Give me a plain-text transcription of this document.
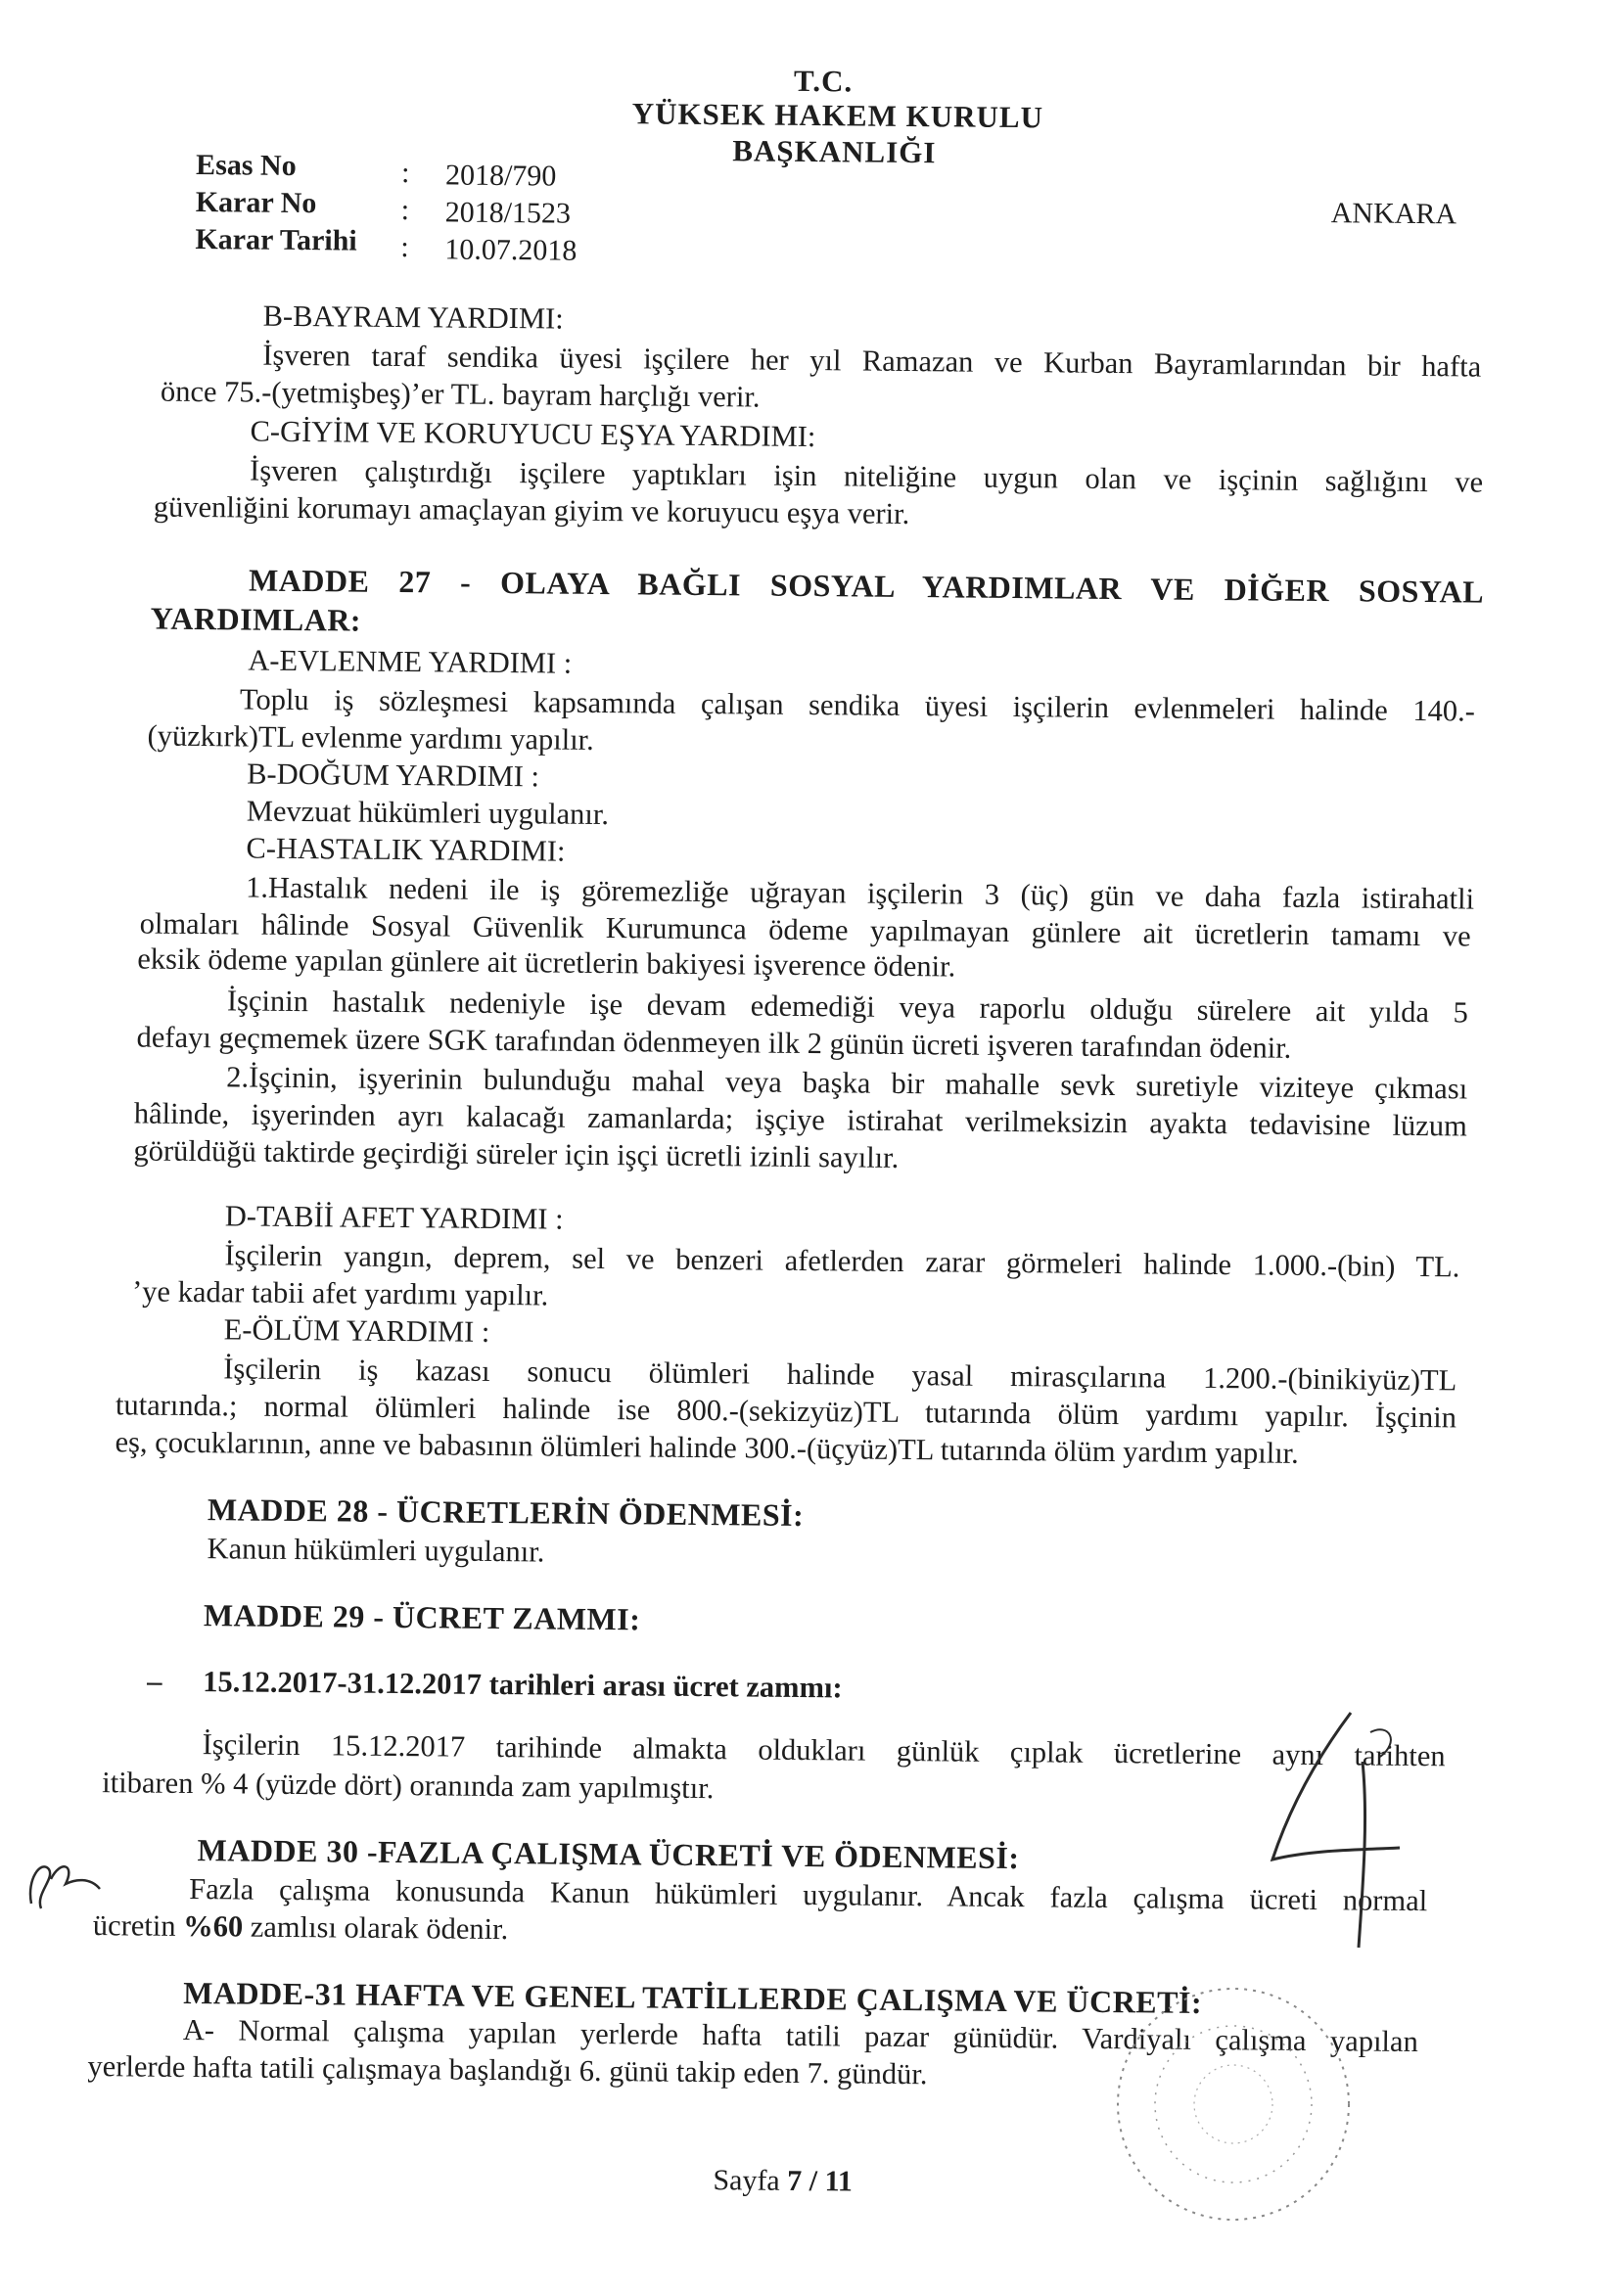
T.C.
YÜKSEK HAKEM KURULU
BAŞKANLIĞI
ANKARA
Esas No	: 2018/790
Karar No	: 2018/1523
Karar Tarihi : 10.07.2018
B-BAYRAM YARDIMI:
İşveren taraf sendika üyesi işçilere her yıl Ramazan ve Kurban Bayramlarından bir hafta
önce 75.-(yetmişbeş)’er TL. bayram harçlığı verir.
C-GİYİM VE KORUYUCU EŞYA YARDIMI:
İşveren çalıştırdığı işçilere yaptıkları işin niteliğine uygun olan ve işçinin sağlığını ve
güvenliğini korumayı amaçlayan giyim ve koruyucu eşya verir.
MADDE 27 - OLAYA BAĞLI SOSYAL YARDIMLAR VE DİĞER SOSYAL
YARDIMLAR:
A-EVLENME YARDIMI :
Toplu iş sözleşmesi kapsamında çalışan sendika üyesi işçilerin evlenmeleri halinde 140.-
(yüzkırk)TL evlenme yardımı yapılır.
B-DOĞUM YARDIMI :
Mevzuat hükümleri uygulanır.
C-HASTALIK YARDIMI:
1.Hastalık nedeni ile iş göremezliğe uğrayan işçilerin 3 (üç) gün ve daha fazla istirahatli
olmaları hâlinde Sosyal Güvenlik Kurumunca ödeme yapılmayan günlere ait ücretlerin tamamı ve
eksik ödeme yapılan günlere ait ücretlerin bakiyesi işverence ödenir.
İşçinin hastalık nedeniyle işe devam edemediği veya raporlu olduğu sürelere ait yılda 5
defayı geçmemek üzere SGK tarafından ödenmeyen ilk 2 günün ücreti işveren tarafından ödenir.
2.İşçinin, işyerinin bulunduğu mahal veya başka bir mahalle sevk suretiyle viziteye çıkması
hâlinde, işyerinden ayrı kalacağı zamanlarda; işçiye istirahat verilmeksizin ayakta tedavisine lüzum
görüldüğü taktirde geçirdiği süreler için işçi ücretli izinli sayılır.
D-TABİİ AFET YARDIMI :
İşçilerin yangın, deprem, sel ve benzeri afetlerden zarar görmeleri halinde 1.000.-(bin) TL.
’ye kadar tabii afet yardımı yapılır.
E-ÖLÜM YARDIMI :
İşçilerin iş kazası sonucu ölümleri halinde yasal mirasçılarına 1.200.-(binikiyüz)TL
tutarında.; normal ölümleri halinde ise 800.-(sekizyüz)TL tutarında ölüm yardımı yapılır. İşçinin
eş, çocuklarının, anne ve babasının ölümleri halinde 300.-(üçyüz)TL tutarında ölüm yardım yapılır.
MADDE 28 - ÜCRETLERİN ÖDENMESİ:
Kanun hükümleri uygulanır.
MADDE 29 - ÜCRET ZAMMI:
– 15.12.2017-31.12.2017 tarihleri arası ücret zammı:
İşçilerin 15.12.2017 tarihinde almakta oldukları günlük çıplak ücretlerine aynı tarihten
itibaren % 4 (yüzde dört) oranında zam yapılmıştır.
MADDE 30 -FAZLA ÇALIŞMA ÜCRETİ VE ÖDENMESİ:
Fazla çalışma konusunda Kanun hükümleri uygulanır. Ancak fazla çalışma ücreti normal
ücretin %60 zamlısı olarak ödenir.
MADDE-31 HAFTA VE GENEL TATİLLERDE ÇALIŞMA VE ÜCRETİ:
A- Normal çalışma yapılan yerlerde hafta tatili pazar günüdür. Vardiyalı çalışma yapılan
yerlerde hafta tatili çalışmaya başlandığı 6. günü takip eden 7. gündür.
Sayfa 7 / 11
